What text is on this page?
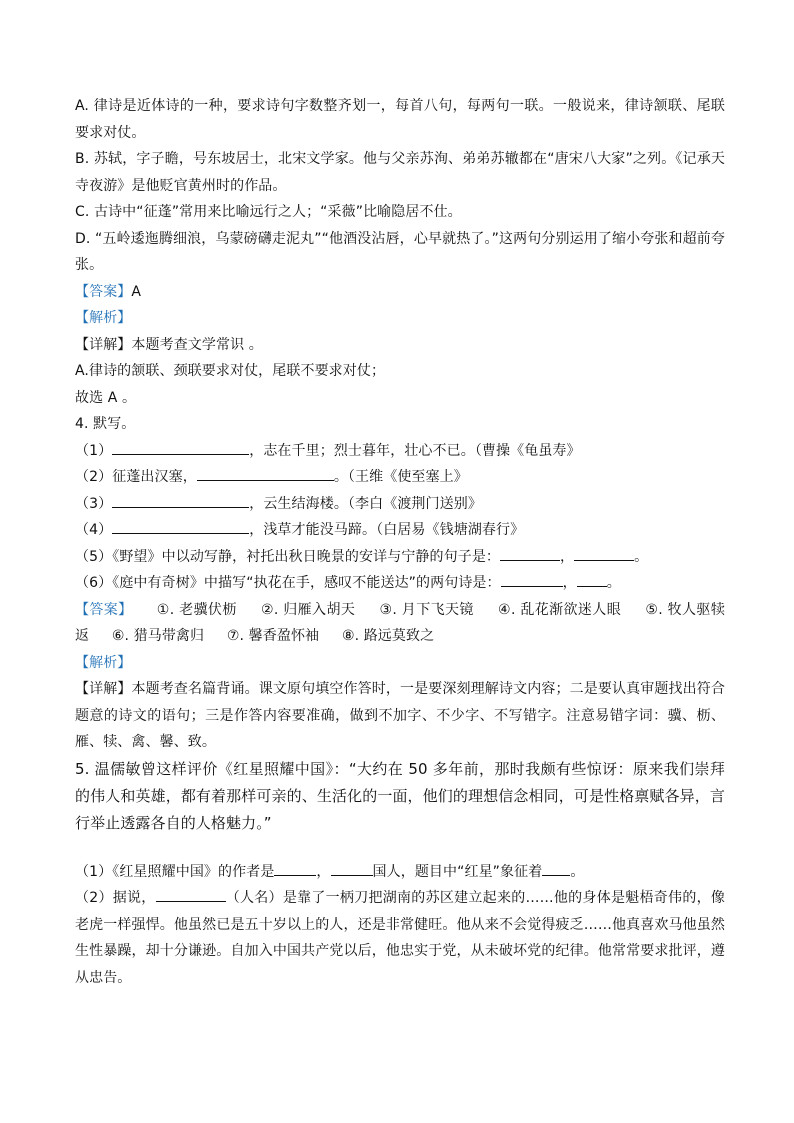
A. 律诗是近体诗的一种，要求诗句字数整齐划一，每首八句，每两句一联。一般说来，律诗颔联、尾联要求对仗。

B. 苏轼，字子瞻，号东坡居士，北宋文学家。他与父亲苏洵、弟弟苏辙都在“唐宋八大家”之列。《记承天寺夜游》是他贬官黄州时的作品。

C. 古诗中“征蓬”常用来比喻远行之人；“采薇”比喻隐居不仕。

D. “五岭逶迤腾细浪，乌蒙磅礴走泥丸”“他酒没沾唇，心早就热了。”这两句分别运用了缩小夸张和超前夸张。

【答案】A

【解析】

【详解】本题考查文学常识 。

A.律诗的颔联、颈联要求对仗，尾联不要求对仗；

故选 A 。

4. 默写。

（1）	，志在千里；烈士暮年，壮心不已。（曹操《龟虽寿》

（2）征蓬出汉塞，	。（王维《使至塞上》

（3）	，云生结海楼。（李白《渡荆门送别》

（4）	，浅草才能没马蹄。（白居易《钱塘湖春行》

（5）《野望》中以动写静，衬托出秋日晚景的安详与宁静的句子是：	，	。

（6）《庭中有奇树》中描写“执花在手，感叹不能送达”的两句诗是：	， 。

【答案】 ①. 老骥伏枥 ②. 归雁入胡天 ③. 月下飞天镜 ④. 乱花渐欲迷人眼 ⑤. 牧人驱犊返 ⑥. 猎马带禽归 ⑦. 馨香盈怀袖 ⑧. 路远莫致之

【解析】

【详解】本题考查名篇背诵。课文原句填空作答时，一是要深刻理解诗文内容；二是要认真审题找出符合题意的诗文的语句；三是作答内容要准确，做到不加字、不少字、不写错字。注意易错字词：骥、枥、雁、犊、禽、馨、致。

5. 温儒敏曾这样评价《红星照耀中国》：“大约在 50 多年前，那时我颇有些惊讶：原来我们崇拜的伟人和英雄，都有着那样可亲的、生活化的一面，他们的理想信念相同，可是性格禀赋各异，言行举止透露各自的人格魅力。”

（1）《红星照耀中国》的作者是	，	国人，题目中“红星”象征着 。

（2）据说，	（人名）是靠了一柄刀把湖南的苏区建立起来的……他的身体是魁梧奇伟的，像老虎一样强悍。他虽然已是五十岁以上的人，还是非常健旺。他从来不会觉得疲乏……他真喜欢马他虽然生性暴躁，却十分谦逊。自加入中国共产党以后，他忠实于党，从未破坏党的纪律。他常常要求批评，遵从忠告。
